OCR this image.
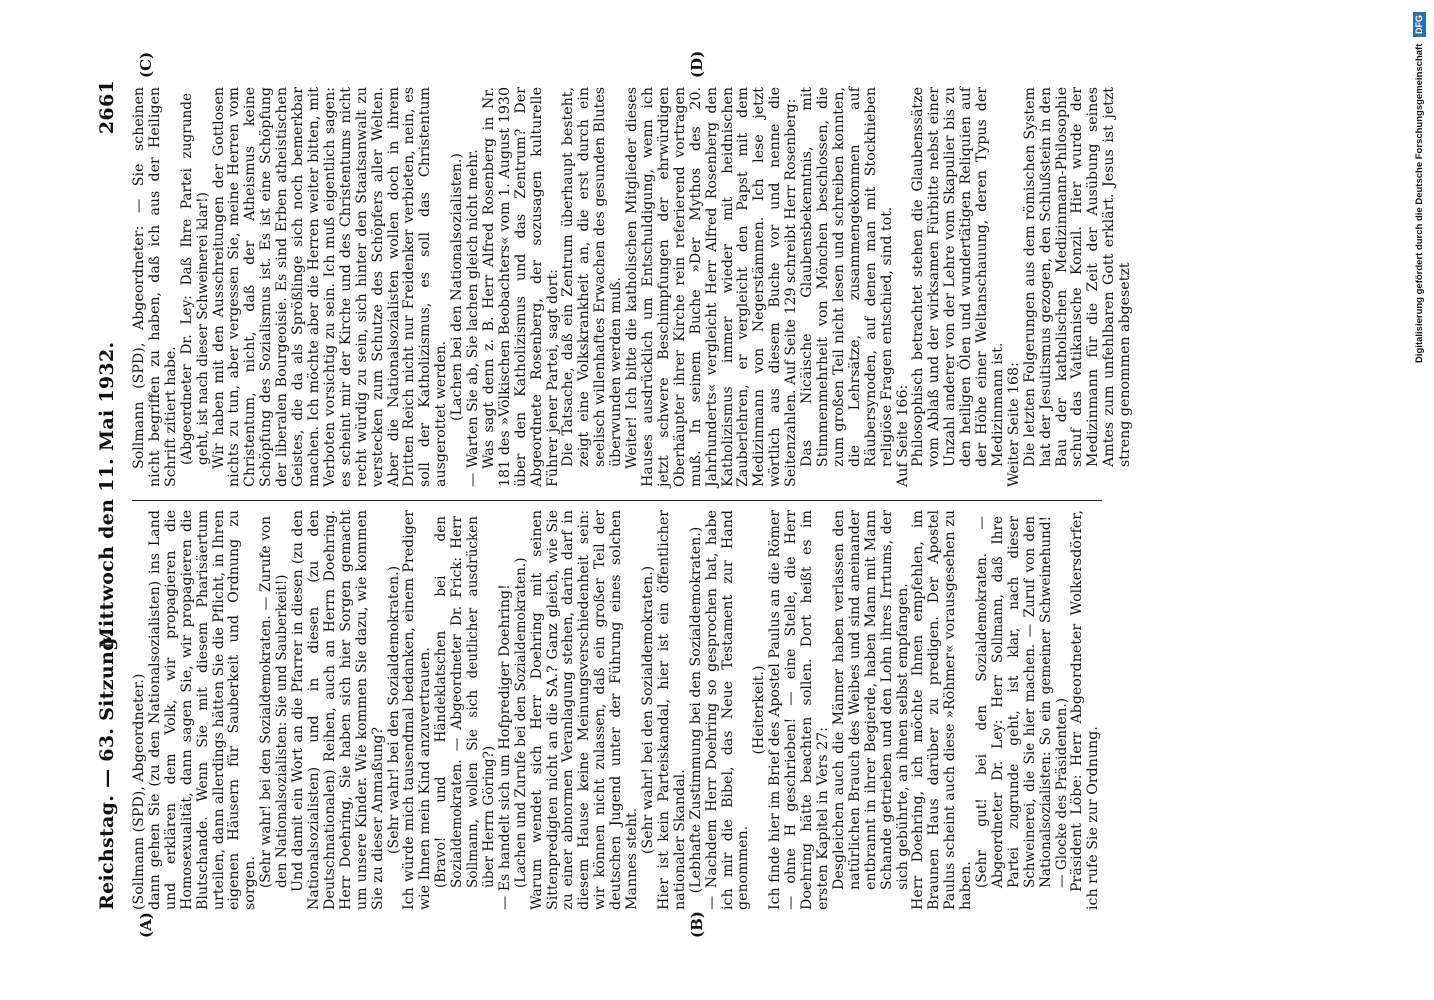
Reichstag. — 63. Sitzung.
Mittwoch den 11. Mai 1932.
2661
(A)	(B)
(C)	(D)
(Sollmann (SPD), Abgeordneter.) dann gehen Sie (zu den Nationalsozialisten) ins Land und erklären dem Volk, wir propagieren die Homosexualität, dann sagen Sie, wir propagieren die Blutschande. Wenn Sie mit diesem Pharisäertum urteilen, dann allerdings hätten Sie die Pflicht, in Ihren eigenen Häusern für Sauberkeit und Ordnung zu sorgen. (Sehr wahr! bei den Sozialdemokraten. — Zurufe von den Nationalsozialisten: Sie und Sauberkeit!) Und damit ein Wort an die Pfarrer in diesen (zu den Nationalsozialisten) und in diesen (zu den Deutschnationalen) Reihen, auch an Herrn Doehring. Herr Doehring, Sie haben sich hier Sorgen gemacht um unsere Kinder. Wie kommen Sie dazu, wie kommen Sie zu dieser Anmaßung? (Sehr wahr! bei den Sozialdemokraten.) Ich würde mich tausendmal bedanken, einem Prediger wie Ihnen mein Kind anzuvertrauen. (Bravo! und Händeklatschen bei den Sozialdemokraten. — Abgeordneter Dr. Frick: Herr Sollmann, wollen Sie sich deutlicher ausdrücken über Herrn Göring?) — Es handelt sich um Hofprediger Doehring! (Lachen und Zurufe bei den Sozialdemokraten.) Warum wendet sich Herr Doehring mit seinen Sittenpredigten nicht an die SA.? Ganz gleich, wie Sie zu einer abnormen Veranlagung stehen, darin darf in diesem Hause keine Meinungsverschiedenheit sein: wir können nicht zulassen, daß ein großer Teil der deutschen Jugend unter der Führung eines solchen Mannes steht.
(Sehr wahr! bei den Sozialdemokraten.) Hier ist kein Parteiskandal, hier ist ein öffentlicher nationaler Skandal. (Lebhafte Zustimmung bei den Sozialdemokraten.) — Nachdem Herr Doehring so gesprochen hat, habe ich mir die Bibel, das Neue Testament zur Hand genommen.
(Heiterkeit.) Ich finde hier im Brief des Apostel Paulus an die Römer — ohne H geschrieben! — eine Stelle, die Herr Doehring hätte beachten sollen. Dort heißt es im ersten Kapitel in Vers 27: Desgleichen auch die Männer haben verlassen den natürlichen Brauch des Weibes und sind aneinander entbrannt in ihrer Begierde, haben Mann mit Mann Schande getrieben und den Lohn ihres Irrtums, der sich gebührte, an ihnen selbst empfangen. Herr Doehring, ich möchte Ihnen empfehlen, im Braunen Haus darüber zu predigen. Der Apostel Paulus scheint auch diese »Röhmer« vorausgesehen zu haben. (Sehr gut! bei den Sozialdemokraten. — Abgeordneter Dr. Ley: Herr Sollmann, daß Ihre Partei zugrunde geht, ist klar, nach dieser Schweinerei, die Sie hier machen. — Zuruf von den Nationalsozialisten: So ein gemeiner Schweinehund! — Glocke des Präsidenten.) Präsident Löbe: Herr Abgeordneter Wolkersdörfer, ich rufe Sie zur Ordnung.
Sollmann (SPD), Abgeordneter: — Sie scheinen nicht begriffen zu haben, daß ich aus der Heiligen Schrift zitiert habe. (Abgeordneter Dr. Ley: Daß Ihre Partei zugrunde geht, ist nach dieser Schweinerei klar!) Wir haben mit den Ausschreitungen der Gottlosen nichts zu tun, aber vergessen Sie, meine Herren vom Christentum, nicht, daß der Atheismus keine Schöpfung des Sozialismus ist. Es ist eine Schöpfung der liberalen Bourgeoisie. Es sind Erben atheistischen Geistes, die da als Sprößlinge sich noch bemerkbar machen. Ich möchte aber die Herren weiter bitten, mit Verboten vorsichtig zu sein. Ich muß eigentlich sagen: es scheint mir der Kirche und des Christentums nicht recht würdig zu sein, sich hinter den Staatsanwalt zu verstecken zum Schutze des Schöpfers aller Welten. Aber die Nationalsozialisten wollen doch in ihrem Dritten Reich nicht nur Freidenker verbieten, nein, es soll der Katholizismus, es soll das Christentum ausgerottet werden. (Lachen bei den Nationalsozialisten.) — Warten Sie ab, Sie lachen gleich nicht mehr. Was sagt denn z. B. Herr Alfred Rosenberg in Nr. 181 des »Völkischen Beobachters« vom 1. August 1930 über den Katholizismus und das Zentrum? Der Abgeordnete Rosenberg, der sozusagen kulturelle Führer jener Partei, sagt dort: Die Tatsache, daß ein Zentrum überhaupt besteht, zeigt eine Volkskrankheit an, die erst durch ein seelisch willenhaftes Erwachen des gesunden Blutes überwunden werden muß. Weiter! Ich bitte die katholischen Mitglieder dieses Hauses ausdrücklich um Entschuldigung, wenn ich jetzt schwere Beschimpfungen der ehrwürdigen Oberhäupter ihrer Kirche rein referierend vortragen muß. In seinem Buche »Der Mythos des 20. Jahrhunderts« vergleicht Herr Alfred Rosenberg den Katholizismus immer wieder mit heidnischen Zauberlehren, er vergleicht den Papst mit dem Medizinmann von Negerstämmen. Ich lese jetzt wörtlich aus diesem Buche vor und nenne die Seitenzahlen. Auf Seite 129 schreibt Herr Rosenberg: Das Nicäische Glaubensbekenntnis, mit Stimmenmehrheit von Mönchen beschlossen, die zum großen Teil nicht lesen und schreiben konnten, die Lehrsätze, zusammengekommen auf Räubersynoden, auf denen man mit Stockhieben religiöse Fragen entschied, sind tot. Auf Seite 166: Philosophisch betrachtet stehen die Glaubenssätze vom Ablaß und der wirksamen Fürbitte nebst einer Unzahl anderer von der Lehre vom Skapulier bis zu den heiligen Ölen und wundertätigen Reliquien auf der Höhe einer Weltanschauung, deren Typus der Medizinmann ist. Weiter Seite 168: Die letzten Folgerungen aus dem römischen System hat der Jesuitismus gezogen, den Schlußstein in den Bau der katholischen Medizinmann-Philosophie schuf das Vatikanische Konzil. Hier wurde der Medizinmann für die Zeit der Ausübung seines Amtes zum unfehlbaren Gott erklärt. Jesus ist jetzt streng genommen abgesetzt
Digitalisierung gefördert durch die Deutsche Forschungsgemeinschaft DFG
